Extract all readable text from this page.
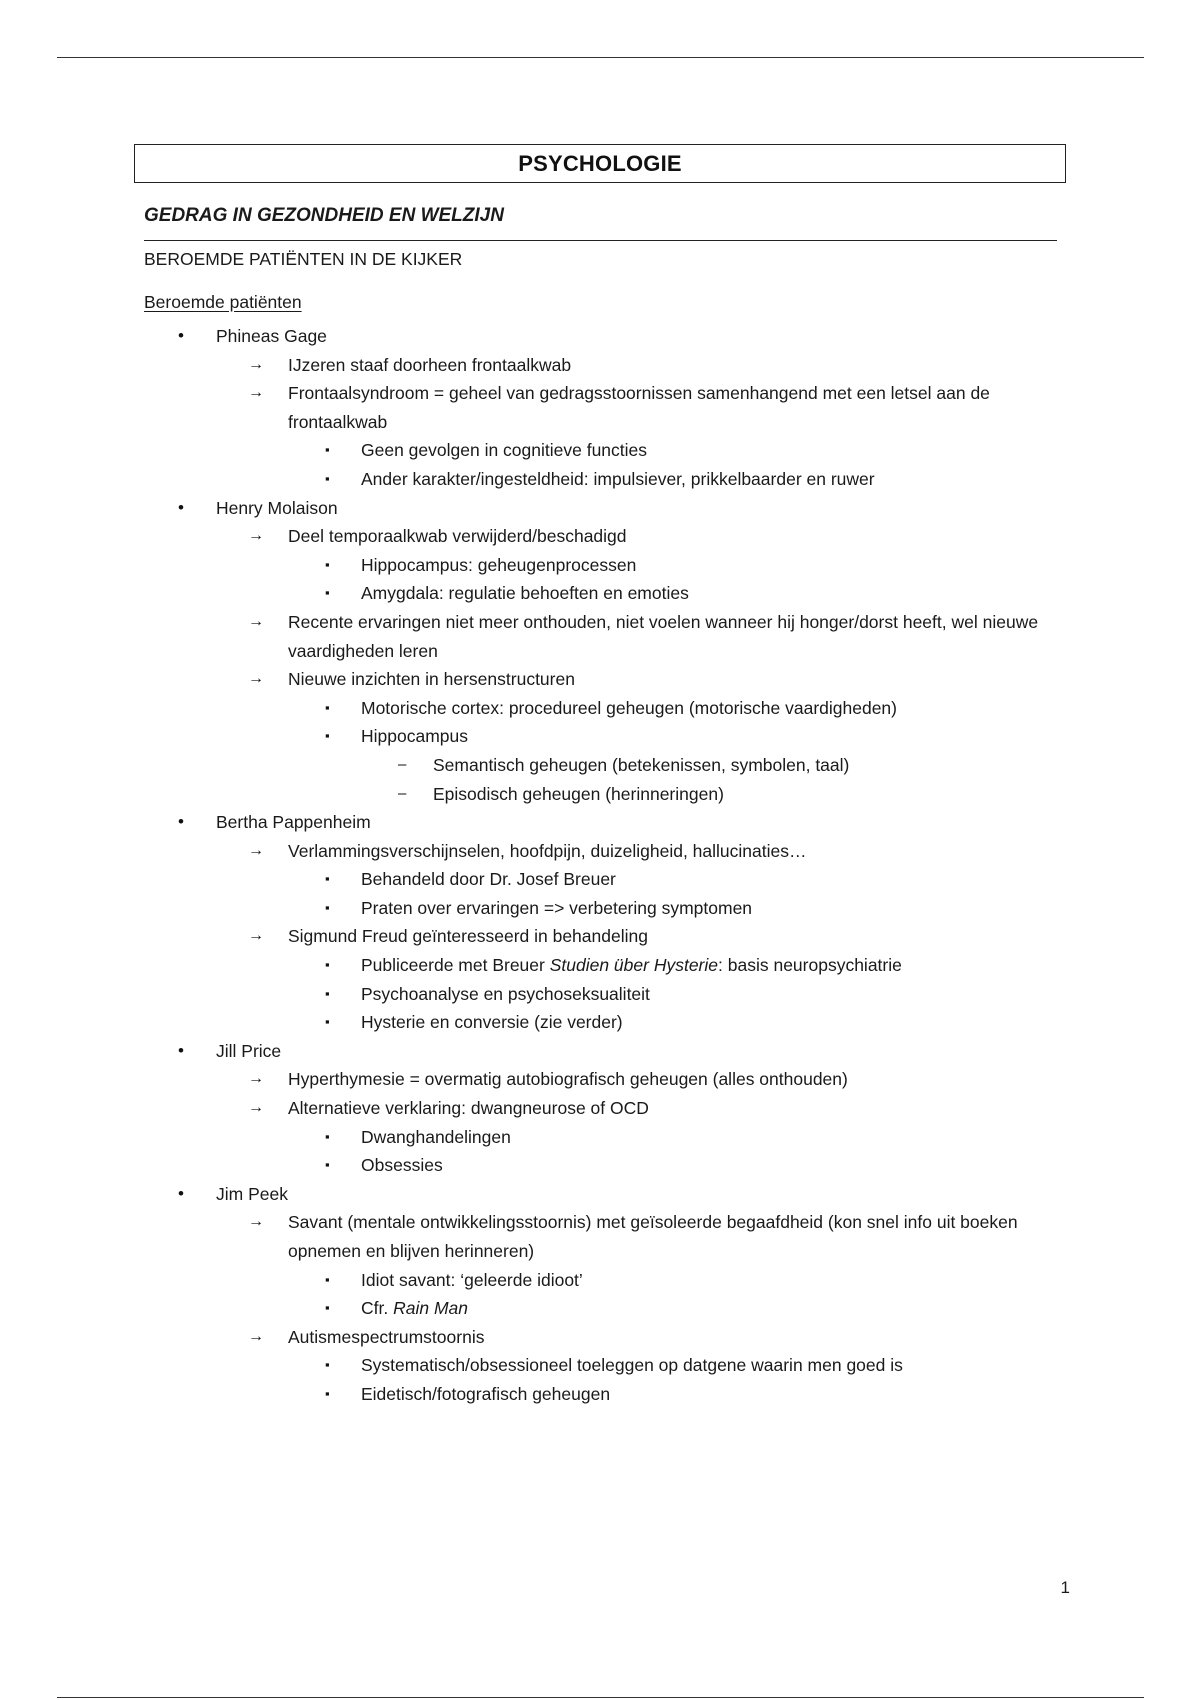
PSYCHOLOGIE
GEDRAG IN GEZONDHEID EN WELZIJN
BEROEMDE PATIËNTEN IN DE KIJKER
Beroemde patiënten
• Phineas Gage
→ IJzeren staaf doorheen frontaalkwab
→ Frontaalsyndroom = geheel van gedragsstoornissen samenhangend met een letsel aan de frontaalkwab
▪ Geen gevolgen in cognitieve functies
▪ Ander karakter/ingesteldheid: impulsiever, prikkelbaarder en ruwer
• Henry Molaison
→ Deel temporaalkwab verwijderd/beschadigd
▪ Hippocampus: geheugenprocessen
▪ Amygdala: regulatie behoeften en emoties
→ Recente ervaringen niet meer onthouden, niet voelen wanneer hij honger/dorst heeft, wel nieuwe vaardigheden leren
→ Nieuwe inzichten in hersenstructuren
▪ Motorische cortex: procedureel geheugen (motorische vaardigheden)
▪ Hippocampus
– Semantisch geheugen (betekenissen, symbolen, taal)
– Episodisch geheugen (herinneringen)
• Bertha Pappenheim
→ Verlammingsverschijnselen, hoofdpijn, duizeligheid, hallucinaties…
▪ Behandeld door Dr. Josef Breuer
▪ Praten over ervaringen => verbetering symptomen
→ Sigmund Freud geïnteresseerd in behandeling
▪ Publiceerde met Breuer Studien über Hysterie: basis neuropsychiatrie
▪ Psychoanalyse en psychoseksualiteit
▪ Hysterie en conversie (zie verder)
• Jill Price
→ Hyperthymesie = overmatig autobiografisch geheugen (alles onthouden)
→ Alternatieve verklaring: dwangneurose of OCD
▪ Dwanghandelingen
▪ Obsessies
• Jim Peek
→ Savant (mentale ontwikkelingsstoornis) met geïsoleerde begaafdheid (kon snel info uit boeken opnemen en blijven herinneren)
▪ Idiot savant: ‘geleerde idioot’
▪ Cfr. Rain Man
→ Autismespectrumstoornis
▪ Systematisch/obsessioneel toeleggen op datgene waarin men goed is
▪ Eidetisch/fotografisch geheugen
1
